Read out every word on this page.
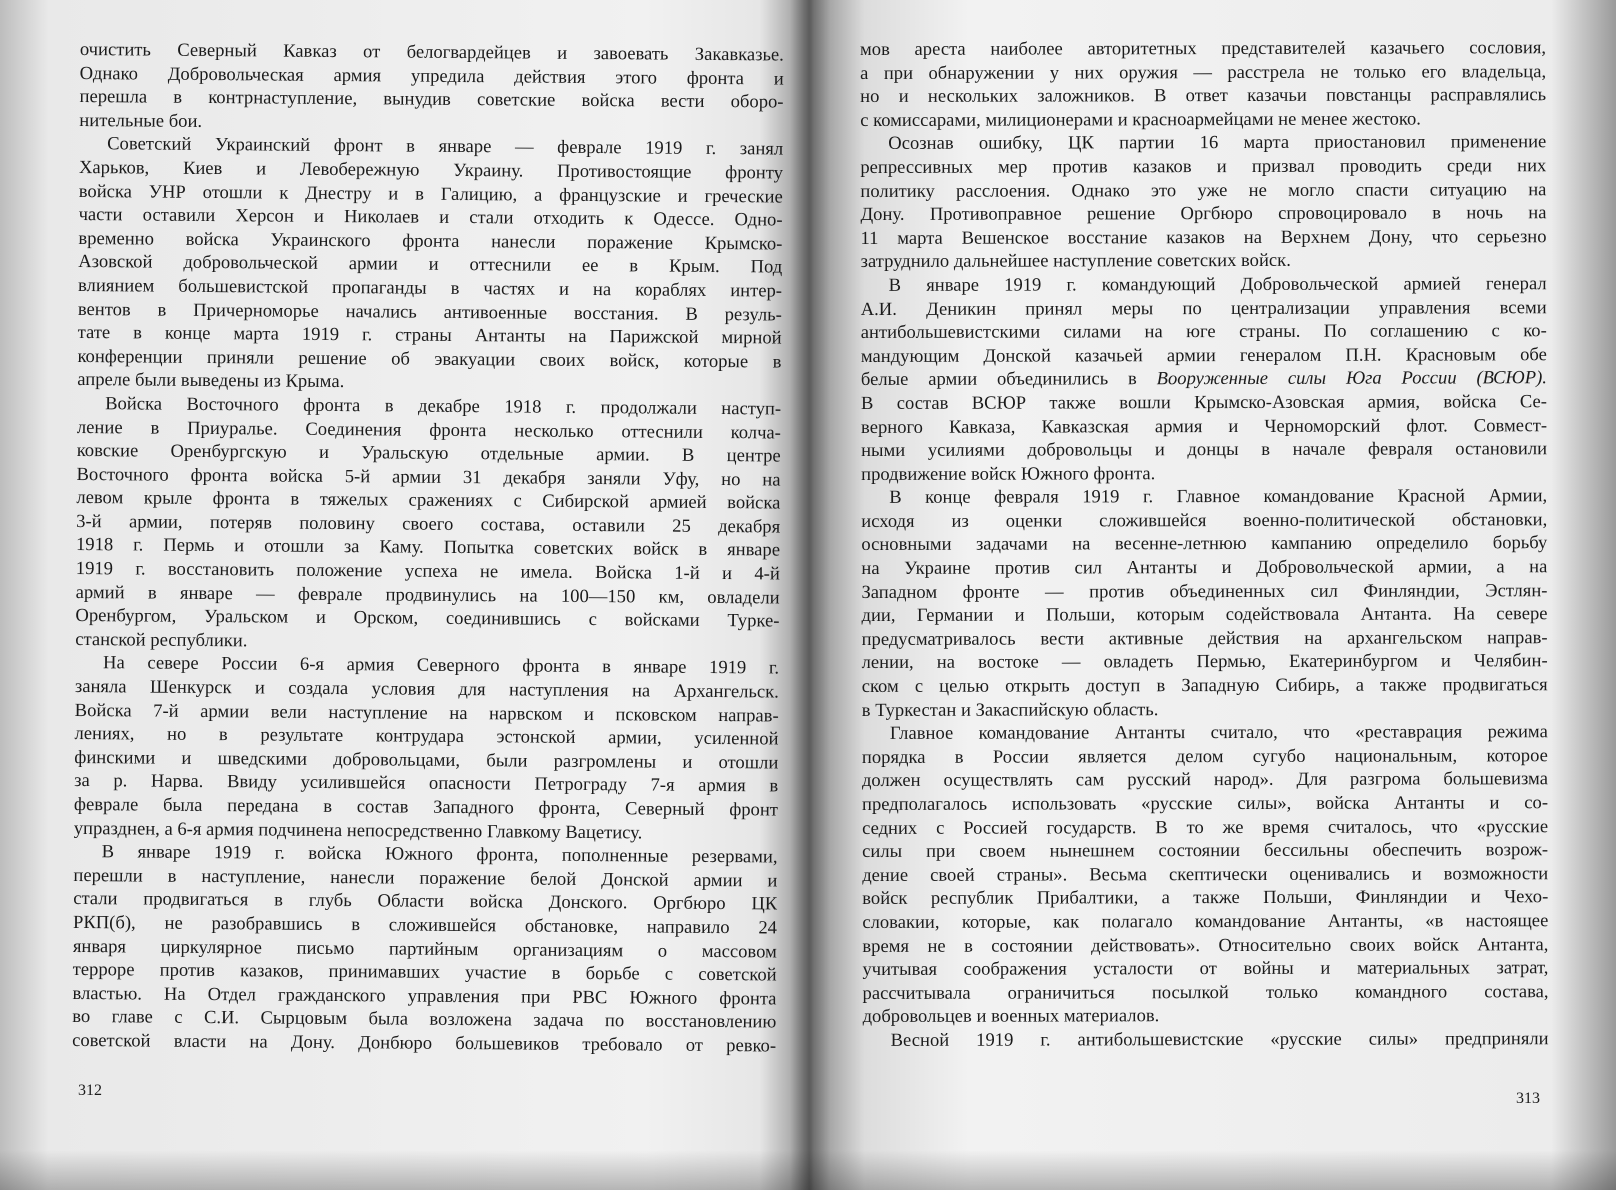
очистить Северный Кавказ от белогвардейцев и завоевать Закавказье.
Однако Добровольческая армия упредила действия этого фронта и
перешла в контрнаступление, вынудив советские войска вести оборо-
нительные бои.
Советский Украинский фронт в январе — феврале 1919 г. занял
Харьков, Киев и Левобережную Украину. Противостоящие фронту
войска УНР отошли к Днестру и в Галицию, а французские и греческие
части оставили Херсон и Николаев и стали отходить к Одессе. Одно-
временно войска Украинского фронта нанесли поражение Крымско-
Азовской добровольческой армии и оттеснили ее в Крым. Под
влиянием большевистской пропаганды в частях и на кораблях интер-
вентов в Причерноморье начались антивоенные восстания. В резуль-
тате в конце марта 1919 г. страны Антанты на Парижской мирной
конференции приняли решение об эвакуации своих войск, которые в
апреле были выведены из Крыма.
Войска Восточного фронта в декабре 1918 г. продолжали наступ-
ление в Приуралье. Соединения фронта несколько оттеснили колча-
ковские Оренбургскую и Уральскую отдельные армии. В центре
Восточного фронта войска 5-й армии 31 декабря заняли Уфу, но на
левом крыле фронта в тяжелых сражениях с Сибирской армией войска
3-й армии, потеряв половину своего состава, оставили 25 декабря
1918 г. Пермь и отошли за Каму. Попытка советских войск в январе
1919 г. восстановить положение успеха не имела. Войска 1-й и 4-й
армий в январе — феврале продвинулись на 100—150 км, овладели
Оренбургом, Уральском и Орском, соединившись с войсками Турке-
станской республики.
На севере России 6-я армия Северного фронта в январе 1919 г.
заняла Шенкурск и создала условия для наступления на Архангельск.
Войска 7-й армии вели наступление на нарвском и псковском направ-
лениях, но в результате контрудара эстонской армии, усиленной
финскими и шведскими добровольцами, были разгромлены и отошли
за р. Нарва. Ввиду усилившейся опасности Петрограду 7-я армия в
феврале была передана в состав Западного фронта, Северный фронт
упразднен, а 6-я армия подчинена непосредственно Главкому Вацетису.
В январе 1919 г. войска Южного фронта, пополненные резервами,
перешли в наступление, нанесли поражение белой Донской армии и
стали продвигаться в глубь Области войска Донского. Оргбюро ЦК
РКП(б), не разобравшись в сложившейся обстановке, направило 24
января циркулярное письмо партийным организациям о массовом
терроре против казаков, принимавших участие в борьбе с советской
властью. На Отдел гражданского управления при РВС Южного фронта
во главе с С.И. Сырцовым была возложена задача по восстановлению
советской власти на Дону. Донбюро большевиков требовало от ревко-
312
мов ареста наиболее авторитетных представителей казачьего сословия,
а при обнаружении у них оружия — расстрела не только его владельца,
но и нескольких заложников. В ответ казачьи повстанцы расправлялись
с комиссарами, милиционерами и красноармейцами не менее жестоко.
Осознав ошибку, ЦК партии 16 марта приостановил применение
репрессивных мер против казаков и призвал проводить среди них
политику расслоения. Однако это уже не могло спасти ситуацию на
Дону. Противоправное решение Оргбюро спровоцировало в ночь на
11 марта Вешенское восстание казаков на Верхнем Дону, что серьезно
затруднило дальнейшее наступление советских войск.
В январе 1919 г. командующий Добровольческой армией генерал
А.И. Деникин принял меры по централизации управления всеми
антибольшевистскими силами на юге страны. По соглашению с ко-
мандующим Донской казачьей армии генералом П.Н. Красновым обе
белые армии объединились в Вооруженные силы Юга России (ВСЮР).
В состав ВСЮР также вошли Крымско-Азовская армия, войска Се-
верного Кавказа, Кавказская армия и Черноморский флот. Совмест-
ными усилиями добровольцы и донцы в начале февраля остановили
продвижение войск Южного фронта.
В конце февраля 1919 г. Главное командование Красной Армии,
исходя из оценки сложившейся военно-политической обстановки,
основными задачами на весенне-летнюю кампанию определило борьбу
на Украине против сил Антанты и Добровольческой армии, а на
Западном фронте — против объединенных сил Финляндии, Эстлян-
дии, Германии и Польши, которым содействовала Антанта. На севере
предусматривалось вести активные действия на архангельском направ-
лении, на востоке — овладеть Пермью, Екатеринбургом и Челябин-
ском с целью открыть доступ в Западную Сибирь, а также продвигаться
в Туркестан и Закаспийскую область.
Главное командование Антанты считало, что «реставрация режима
порядка в России является делом сугубо национальным, которое
должен осуществлять сам русский народ». Для разгрома большевизма
предполагалось использовать «русские силы», войска Антанты и со-
седних с Россией государств. В то же время считалось, что «русские
силы при своем нынешнем состоянии бессильны обеспечить возрож-
дение своей страны». Весьма скептически оценивались и возможности
войск республик Прибалтики, а также Польши, Финляндии и Чехо-
словакии, которые, как полагало командование Антанты, «в настоящее
время не в состоянии действовать». Относительно своих войск Антанта,
учитывая соображения усталости от войны и материальных затрат,
рассчитывала ограничиться посылкой только командного состава,
добровольцев и военных материалов.
Весной 1919 г. антибольшевистские «русские силы» предприняли
313
